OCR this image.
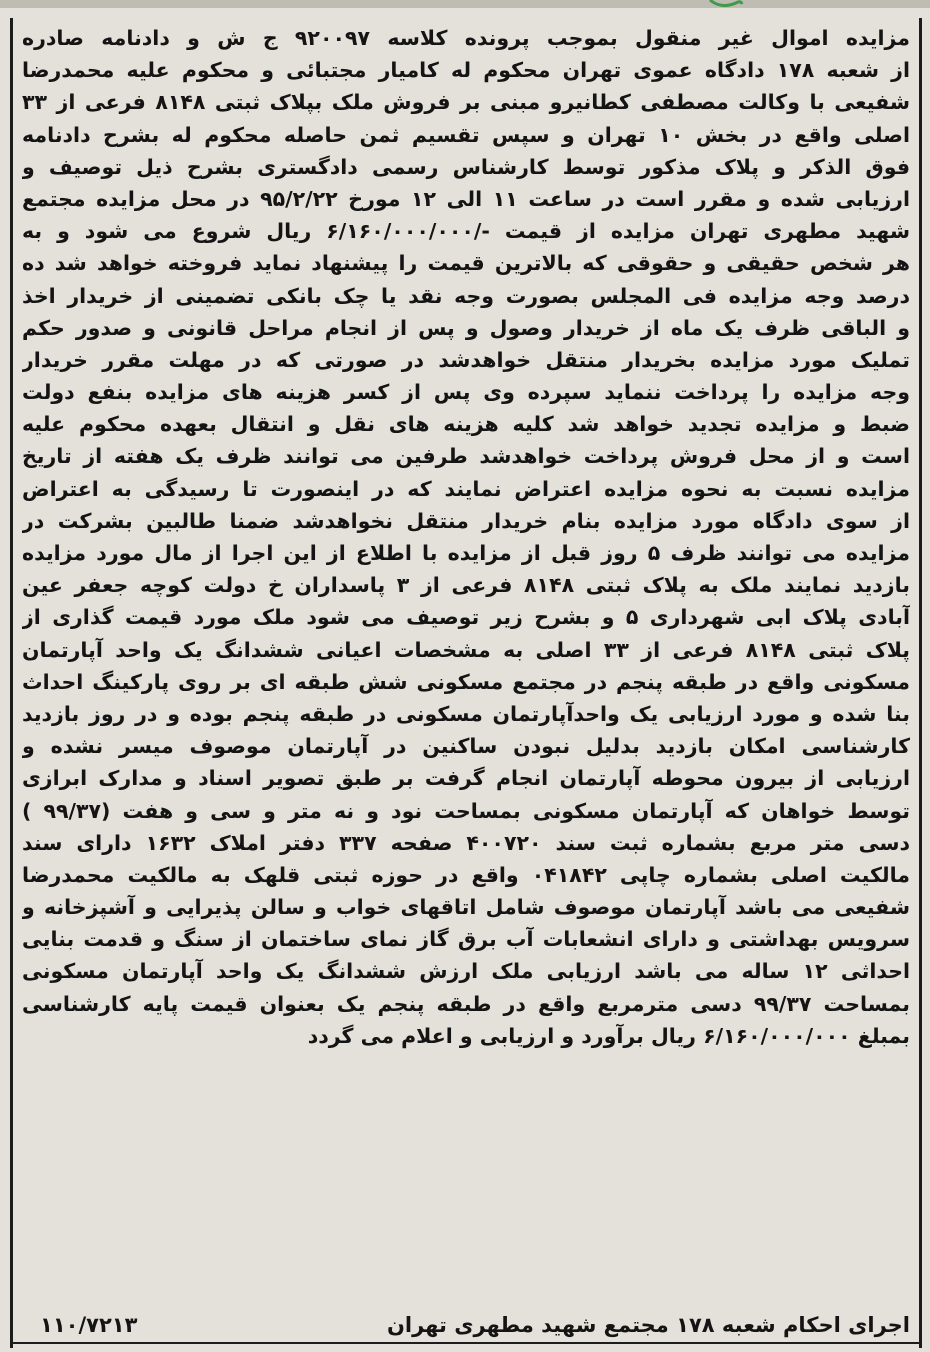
مزایده اموال غیر منقول بموجب پرونده کلاسه ۹۲۰۰۹۷ ج ش و دادنامه صادره
از شعبه ۱۷۸ دادگاه عموی تهران محکوم له کامیار مجتبائی و محکوم علیه محمدرضا
شفیعی با وکالت مصطفی کطانیرو مبنی بر فروش ملک بپلاک ثبتی ۸۱۴۸ فرعی از ۳۳
اصلی واقع در بخش ۱۰ تهران و سپس تقسیم ثمن حاصله محکوم له بشرح دادنامه
فوق الذکر و پلاک مذکور توسط کارشناس رسمی دادگستری بشرح ذیل توصیف و
ارزیابی شده و مقرر است در ساعت ۱۱ الی ۱۲ مورخ ۹۵/۲/۲۲ در محل مزایده مجتمع
شهید مطهری تهران مزایده از قیمت -/۶/۱۶۰/۰۰۰/۰۰۰ ریال شروع می شود و به
هر شخص حقیقی و حقوقی که بالاترین قیمت را پیشنهاد نماید فروخته خواهد شد ده
درصد وجه مزایده فی المجلس بصورت وجه نقد یا چک بانکی تضمینی از خریدار اخذ
و الباقی ظرف یک ماه از خریدار وصول و پس از انجام مراحل قانونی و صدور حکم
تملیک مورد مزایده بخریدار منتقل خواهدشد در صورتی که در مهلت مقرر خریدار
وجه مزایده را پرداخت ننماید سپرده وی پس از کسر هزینه های مزایده بنفع دولت
ضبط و مزایده تجدید خواهد شد کلیه هزینه های نقل و انتقال بعهده محکوم علیه
است و از محل فروش پرداخت خواهدشد طرفین می توانند ظرف یک هفته از تاریخ
مزایده نسبت به نحوه مزایده اعتراض نمایند که در اینصورت تا رسیدگی به اعتراض
از سوی دادگاه مورد مزایده بنام خریدار منتقل نخواهدشد ضمنا طالبین بشرکت در
مزایده می توانند ظرف ۵ روز قبل از مزایده با اطلاع از این اجرا از مال مورد مزایده
بازدید نمایند ملک به پلاک ثبتی ۸۱۴۸ فرعی از ۳ پاسداران خ دولت کوچه جعفر عین
آبادی پلاک ابی شهرداری ۵ و بشرح زیر توصیف می شود ملک مورد قیمت گذاری از
پلاک ثبتی ۸۱۴۸ فرعی از ۳۳ اصلی به مشخصات اعیانی ششدانگ یک واحد آپارتمان
مسکونی واقع در طبقه پنجم در مجتمع مسکونی شش طبقه ای بر روی پارکینگ احداث
بنا شده و مورد ارزیابی یک واحدآپارتمان مسکونی در طبقه پنجم بوده و در روز بازدید
کارشناسی امکان بازدید بدلیل نبودن ساکنین در آپارتمان موصوف میسر نشده و
ارزیابی از بیرون محوطه آپارتمان انجام گرفت بر طبق تصویر اسناد و مدارک ابرازی
توسط خواهان که آپارتمان مسکونی بمساحت نود و نه متر و سی و هفت (۹۹/۳۷ )
دسی متر مربع بشماره ثبت سند ۴۰۰۷۲۰ صفحه ۳۳۷ دفتر املاک ۱۶۳۲ دارای سند
مالکیت اصلی بشماره چاپی ۰۴۱۸۴۲ واقع در حوزه ثبتی قلهک به مالکیت محمدرضا
شفیعی می باشد آپارتمان موصوف شامل اتاقهای خواب و سالن پذیرایی و آشپزخانه و
سرویس بهداشتی و دارای انشعابات آب برق گاز نمای ساختمان از سنگ و قدمت بنایی
احداثی ۱۲ ساله می باشد ارزیابی ملک ارزش ششدانگ یک واحد آپارتمان مسکونی
بمساحت ۹۹/۳۷ دسی مترمربع واقع در طبقه پنجم یک بعنوان قیمت پایه کارشناسی
بمبلغ ۶/۱۶۰/۰۰۰/۰۰۰ ریال برآورد و ارزیابی و اعلام می گردد
اجرای احکام شعبه ۱۷۸ مجتمع شهید مطهری تهران
۱۱۰/۷۲۱۳
